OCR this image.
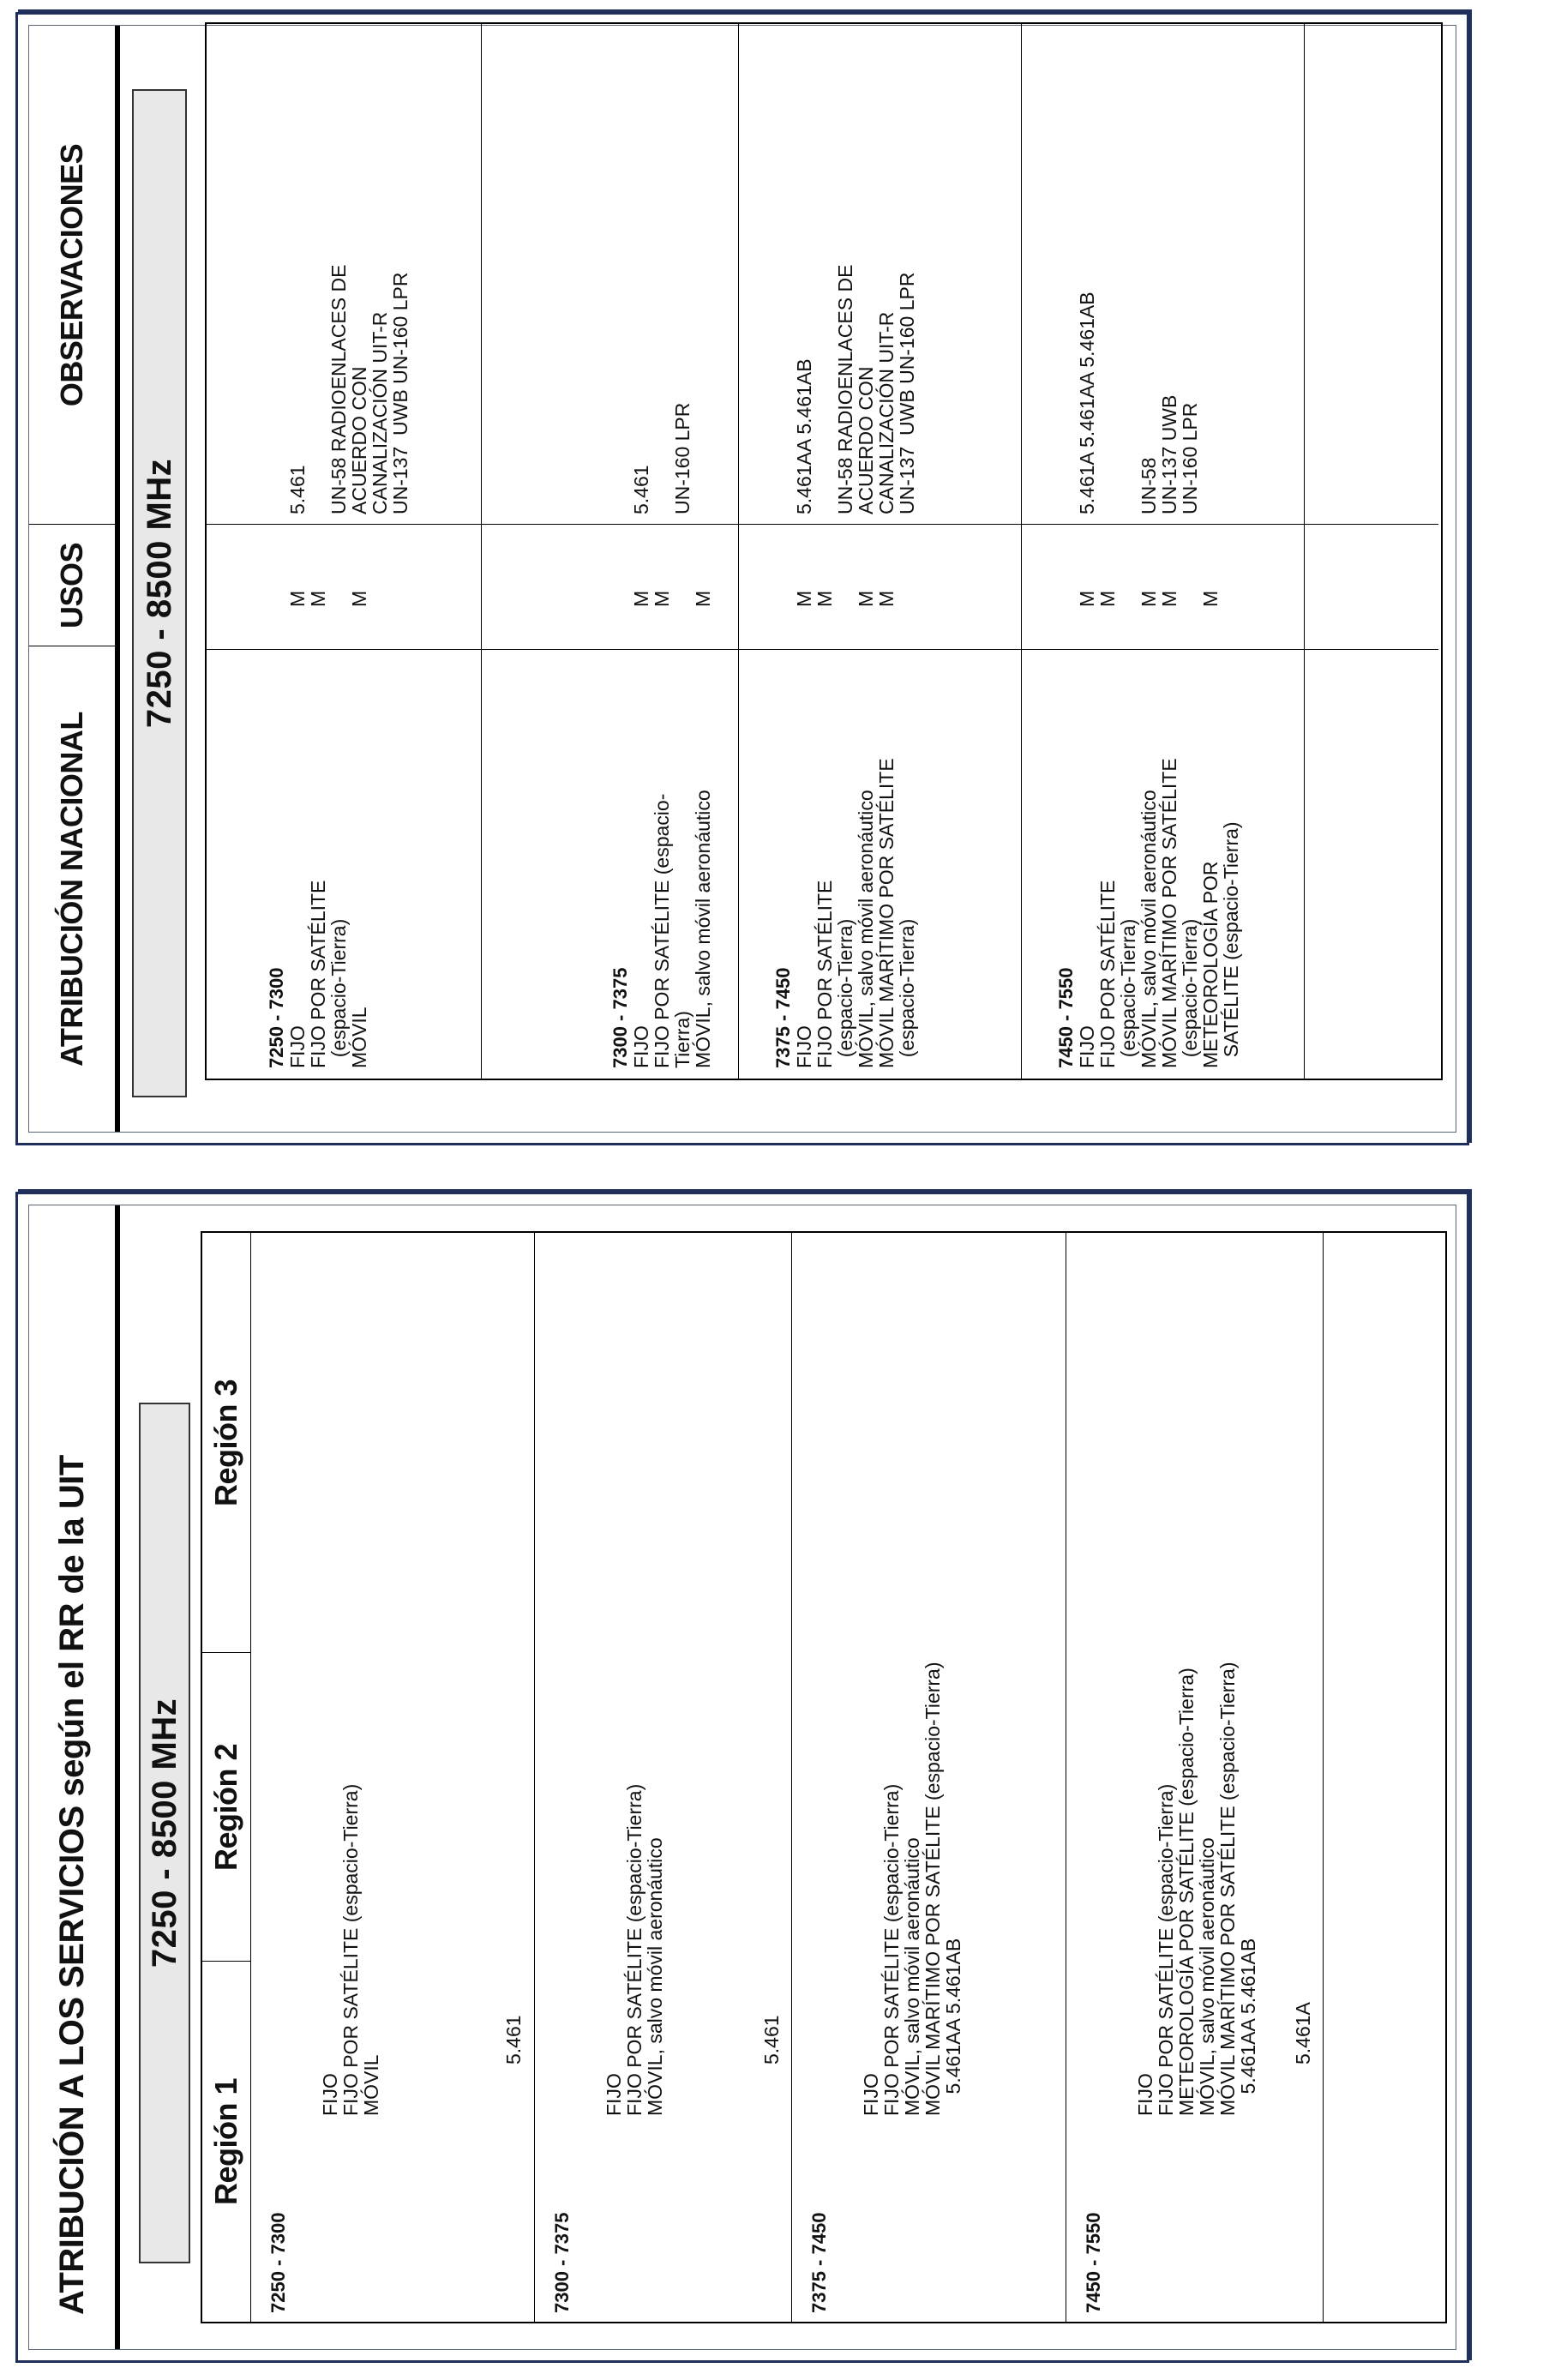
ATRIBUCIÓN A LOS SERVICIOS según el RR de la UIT 7250 - 8500 MHz
Región 1
Región 2
Región 3
7250 - 7300
FIJO
FIJO POR SATÉLITE (espacio-Tierra)
MÓVIL
5.461
7300 - 7375
FIJO
FIJO POR SATÉLITE (espacio-Tierra)
MÓVIL, salvo móvil aeronáutico	5.461
7375 - 7450
FIJO
FIJO POR SATÉLITE (espacio-Tierra)
MÓVIL, salvo móvil aeronáutico
MÓVIL MARÍTIMO POR SATÉLITE (espacio-Tierra)
5.461AA 5.461AB
7450 - 7550
FIJO
FIJO POR SATÉLITE (espacio-Tierra)
METEOROLOGÍA POR SATÉLITE (espacio-Tierra)
MÓVIL, salvo móvil aeronáutico
MÓVIL MARÍTIMO POR SATÉLITE (espacio-Tierra)
5.461AA 5.461AB 5.461A
ATRIBUCIÓN NACIONAL
USOS
OBSERVACIONES
7250 - 8500 MHz
7250 - 7300 FIJO
FIJO POR SATÉLITE
(espacio-Tierra)
MÓVIL
M
M M
5.461 UN-58 RADIOENLACES DE
ACUERDO CON
CANALIZACIÓN UIT-R
UN-137  UWB UN-160 LPR
7300 - 7375 FIJO
FIJO POR SATÉLITE (espacio-
Tierra)
MÓVIL, salvo móvil aeronáutico
M
M M
5.461 UN-160 LPR
7375 - 7450 FIJO
FIJO POR SATÉLITE
(espacio-Tierra)
MÓVIL, salvo móvil aeronáutico
MÓVIL MARÍTIMO POR SATÉLITE
(espacio-Tierra)
M
M M
M
5.461AA 5.461AB UN-58 RADIOENLACES DE
ACUERDO CON
CANALIZACIÓN UIT-R
UN-137  UWB UN-160 LPR
7450 - 7550 FIJO
FIJO POR SATÉLITE
(espacio-Tierra)
MÓVIL, salvo móvil aeronáutico
MÓVIL MARÍTIMO POR SATÉLITE
(espacio-Tierra)
METEOROLOGÍA POR
SATÉLITE (espacio-Tierra)
M
M M
M M
5.461A 5.461AA 5.461AB UN-58
UN-137 UWB
UN-160 LPR
